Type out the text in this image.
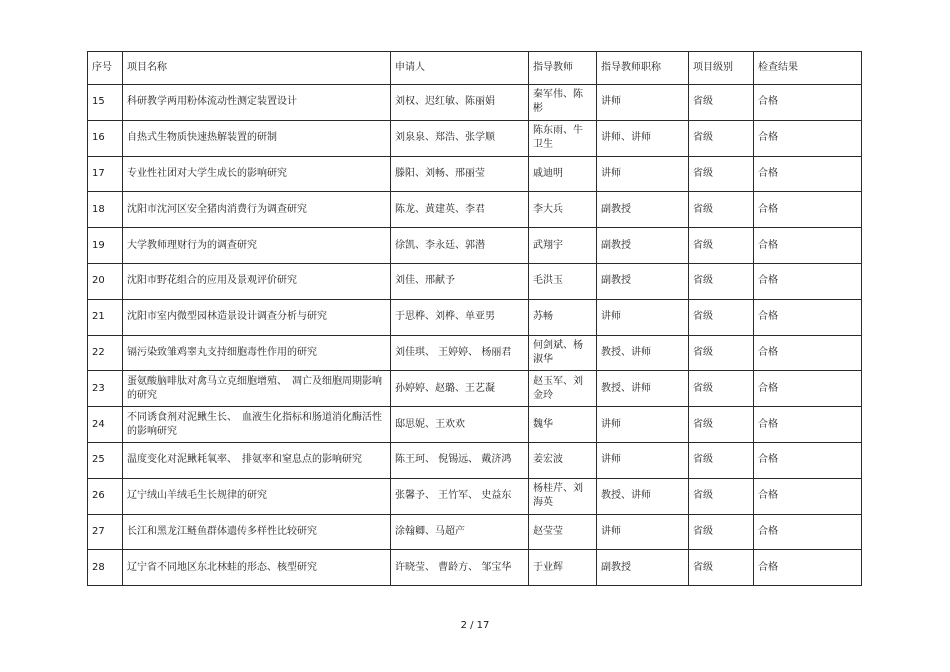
序号	项目名称	申请人	指导教师	指导教师职称	项目级别	检查结果
15	科研教学两用粉体流动性测定装置设计	刘权、迟红敏、陈丽娟	秦军伟、陈彬	讲师	省级	合格
16	自热式生物质快速热解装置的研制	刘泉泉、郑浩、张学顺	陈东雨、牛卫生	讲师、讲师	省级	合格
17	专业性社团对大学生成长的影响研究	滕阳、刘畅、邢丽莹	戚迪明	讲师	省级	合格
18	沈阳市沈河区安全猪肉消费行为调查研究	陈龙、黄建英、李君	李大兵	副教授	省级	合格
19	大学教师理财行为的调查研究	徐凯、李永廷、郭潜	武翔宇	副教授	省级	合格
20	沈阳市野花组合的应用及景观评价研究	刘佳、邢献予	毛洪玉	副教授	省级	合格
21	沈阳市室内微型园林造景设计调查分析与研究	于思桦、刘桦、单亚男	苏畅	讲师	省级	合格
22	镉污染致雏鸡睾丸支持细胞毒性作用的研究	刘佳琪、 王婷婷、 杨丽君	何剑斌、杨淑华	教授、讲师	省级	合格
23	蛋氨酸脑啡肽对禽马立克细胞增殖、　凋亡及细胞周期影响的研究	孙婷婷、赵璐、王艺凝	赵玉军、刘金玲	教授、讲师	省级	合格
24	不同诱食剂对泥鳅生长、　血液生化指标和肠道消化酶活性的影响研究	邸思妮、王欢欢	魏华	讲师	省级	合格
25	温度变化对泥鳅耗氧率、　排氨率和窒息点的影响研究	陈王珂、 倪锡远、 戴济鸿	姜宏波	讲师	省级	合格
26	辽宁绒山羊绒毛生长规律的研究	张馨予、 王竹军、 史益东	杨桂芹、刘海英	教授、讲师	省级	合格
27	长江和黑龙江鲢鱼群体遗传多样性比较研究	涂翰卿、马超产	赵莹莹	讲师	省级	合格
28	辽宁省不同地区东北林蛙的形态、核型研究	许晓莹、 曹龄方、 邹宝华	于业辉	副教授	省级	合格
2 / 17
